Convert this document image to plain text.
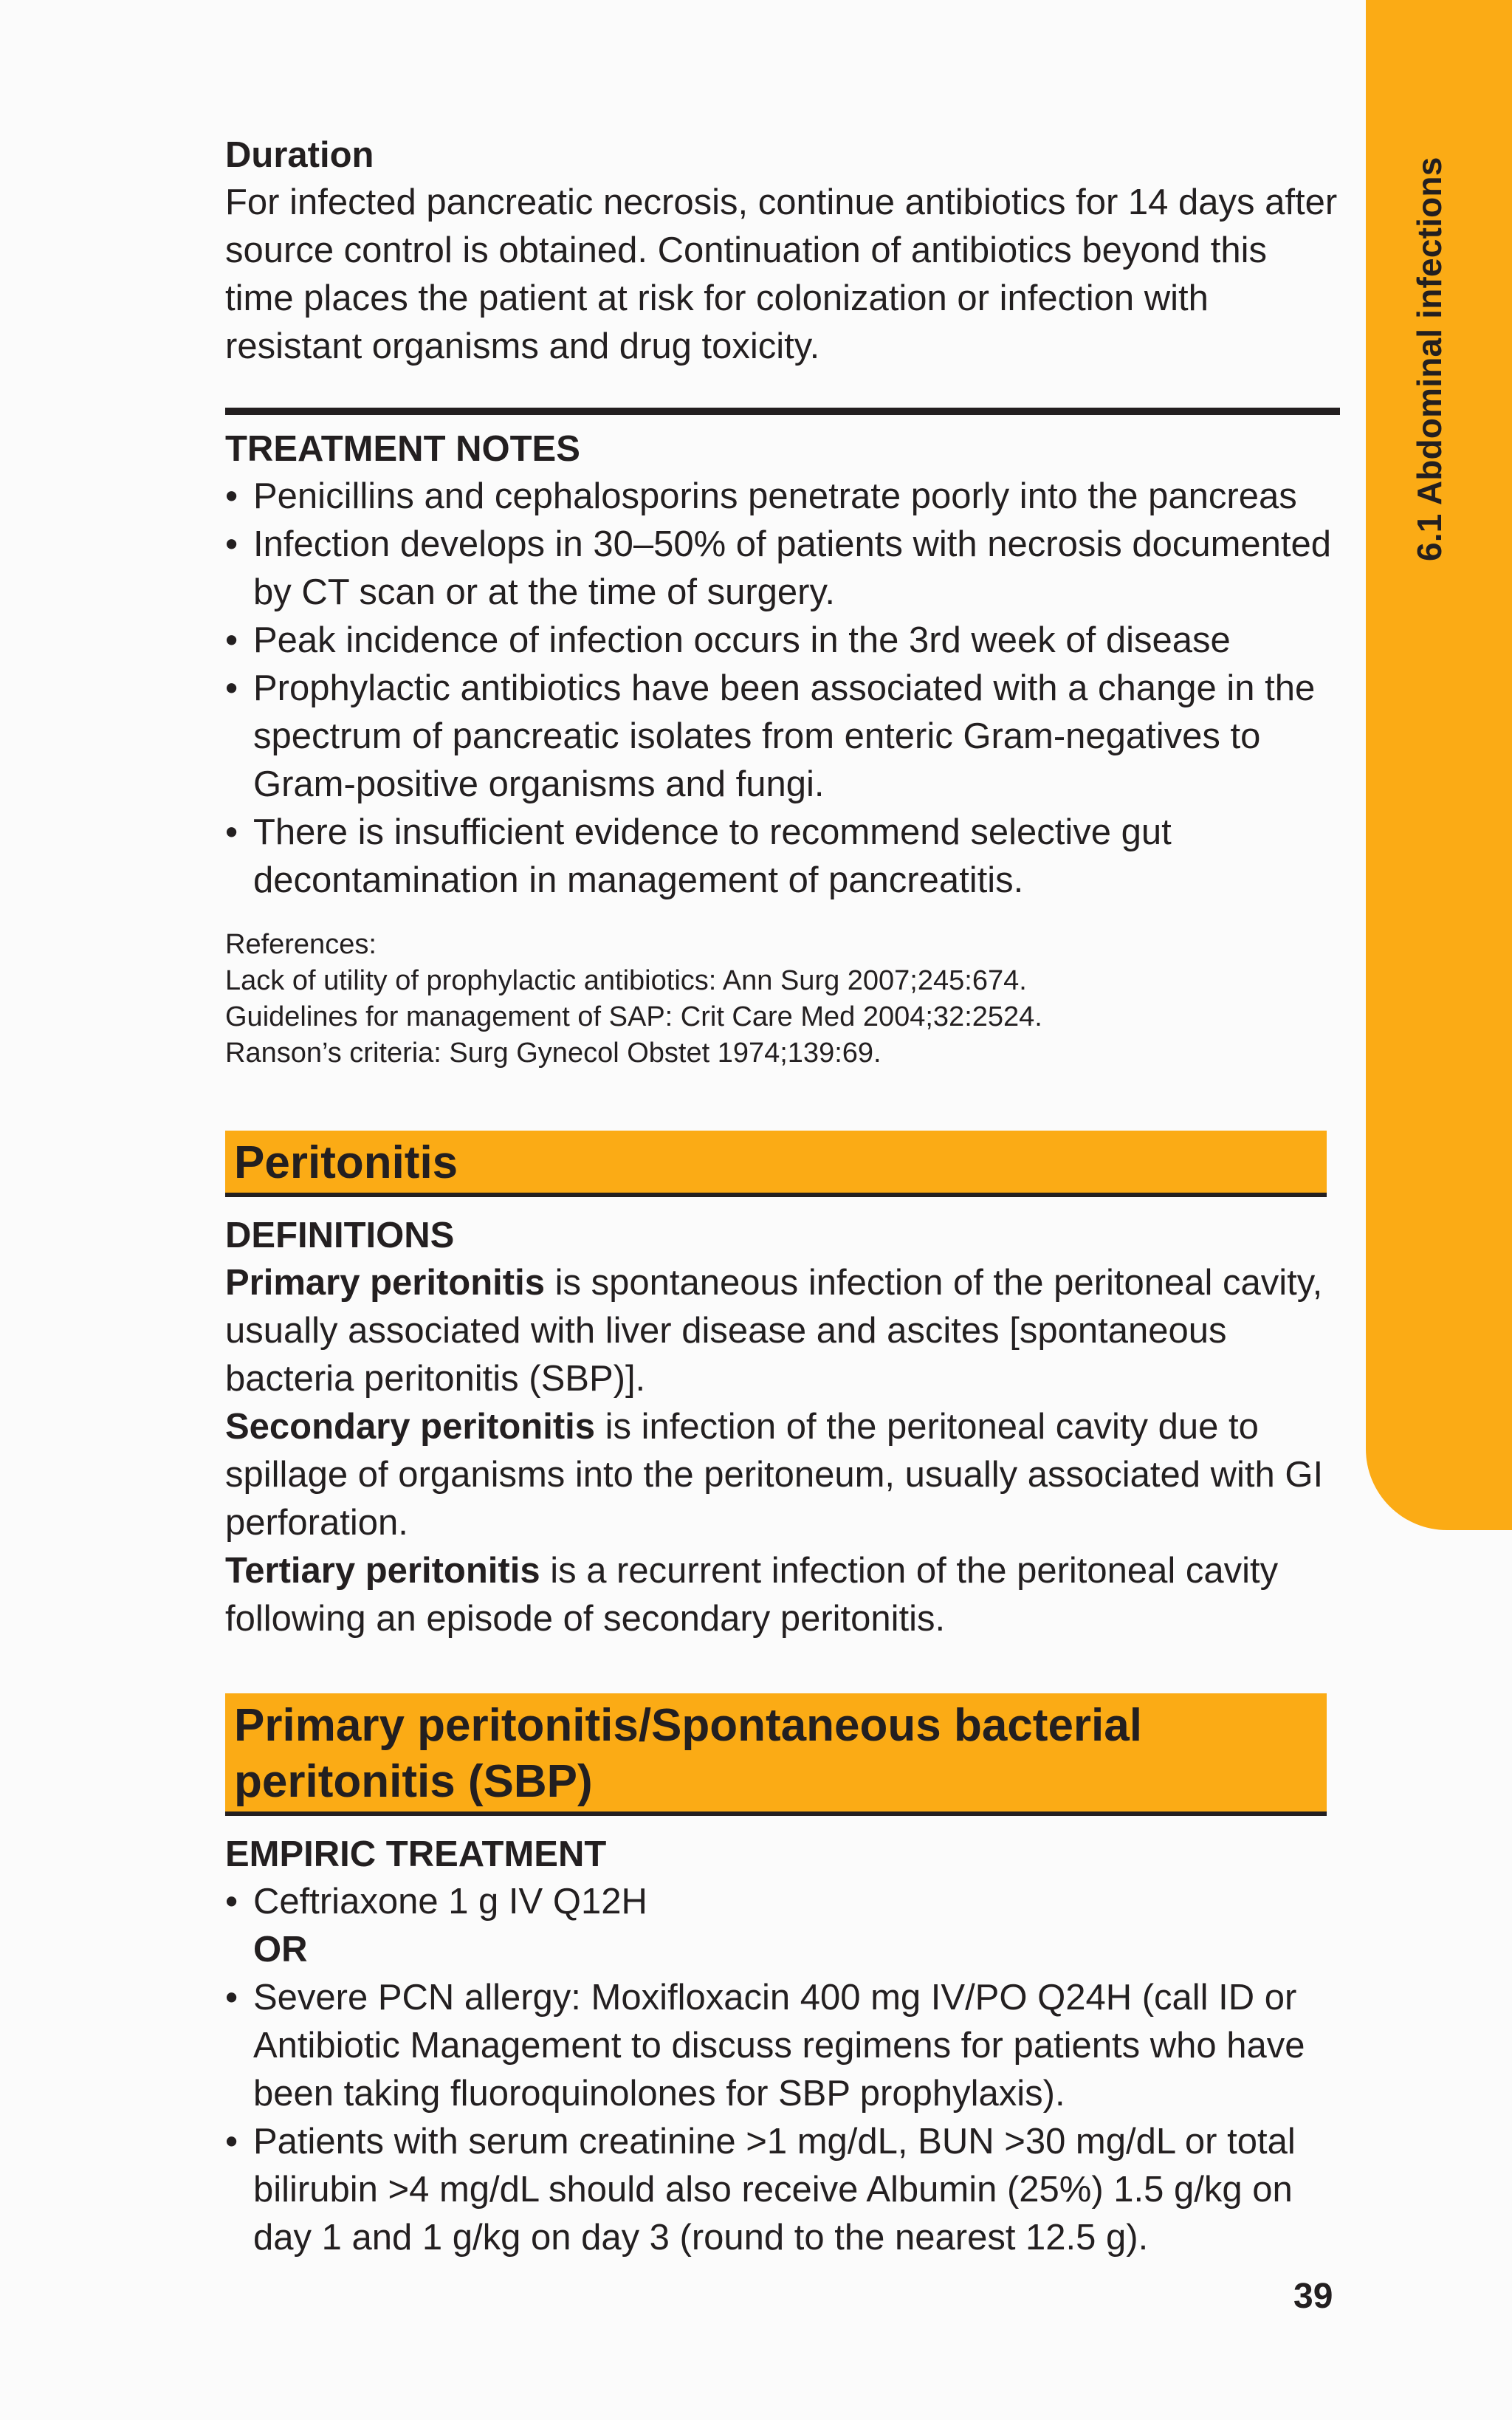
6.1 Abdominal infections

Duration

For infected pancreatic necrosis, continue antibiotics for 14 days after source control is obtained. Continuation of antibiotics beyond this time places the patient at risk for colonization or infection with resistant organisms and drug toxicity.

TREATMENT NOTES

• Penicillins and cephalosporins penetrate poorly into the pancreas
• Infection develops in 30–50% of patients with necrosis documented by CT scan or at the time of surgery.
• Peak incidence of infection occurs in the 3rd week of disease
• Prophylactic antibiotics have been associated with a change in the spectrum of pancreatic isolates from enteric Gram-negatives to Gram-positive organisms and fungi.
• There is insufficient evidence to recommend selective gut decontamination in management of pancreatitis.
References:
Lack of utility of prophylactic antibiotics: Ann Surg 2007;245:674.
Guidelines for management of SAP: Crit Care Med 2004;32:2524.
Ranson’s criteria: Surg Gynecol Obstet 1974;139:69.
Peritonitis

DEFINITIONS

Primary peritonitis is spontaneous infection of the peritoneal cavity, usually associated with liver disease and ascites [spontaneous bacteria peritonitis (SBP)].

Secondary peritonitis is infection of the peritoneal cavity due to spillage of organisms into the peritoneum, usually associated with GI perforation.

Tertiary peritonitis is a recurrent infection of the peritoneal cavity following an episode of secondary peritonitis.

Primary peritonitis/Spontaneous bacterial
peritonitis (SBP)

EMPIRIC TREATMENT

• Ceftriaxone 1 g IV Q12H
OR
• Severe PCN allergy: Moxifloxacin 400 mg IV/PO Q24H (call ID or Antibiotic Management to discuss regimens for patients who have been taking fluoroquinolones for SBP prophylaxis).
• Patients with serum creatinine >1 mg/dL, BUN >30 mg/dL or total bilirubin >4 mg/dL should also receive Albumin (25%) 1.5 g/kg on day 1 and 1 g/kg on day 3 (round to the nearest 12.5 g).
39
